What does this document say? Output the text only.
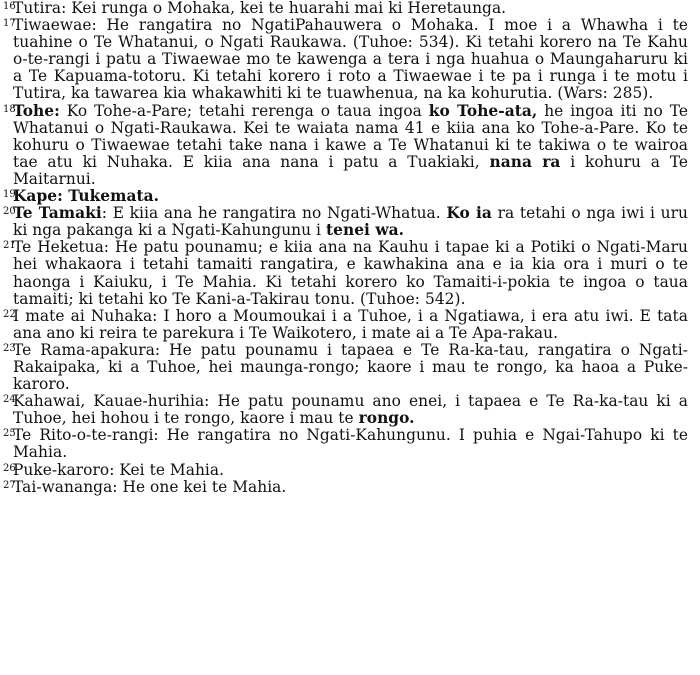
16
Tutira: Kei runga o Mohaka, kei te huarahi mai ki Heretaunga.
17
Tiwaewae: He rangatira no NgatiPahauwera o Mohaka. I moe i a Whawha i te tuahine o Te Whatanui, o Ngati Raukawa. (Tuhoe: 534). Ki tetahi korero na Te Kahu o-te-rangi i patu a Tiwaewae mo te kawenga a tera i nga huahua o Maungaharuru ki a Te Kapuama-totoru. Ki tetahi korero i roto a Tiwaewae i te pa i runga i te motu i Tutira, ka tawarea kia whakawhiti ki te tuawhenua, na ka kohurutia. (Wars: 285).
18
Tohe: Ko Tohe-a-Pare; tetahi rerenga o taua ingoa ko Tohe-ata, he ingoa iti no Te Whatanui o Ngati-Raukawa. Kei te waiata nama 41 e kiia ana ko Tohe-a-Pare. Ko te kohuru o Tiwaewae tetahi take nana i kawe a Te Whatanui ki te takiwa o te wairoa tae atu ki Nuhaka. E kiia ana nana i patu a Tuakiaki, nana ra i kohuru a Te Maitarnui.
19
Kape: Tukemata.
20
Te Tamaki: E kiia ana he rangatira no Ngati-Whatua. Ko ia ra tetahi o nga iwi i uru ki nga pakanga ki a Ngati-Kahungunu i tenei wa.
21
Te Heketua: He patu pounamu; e kiia ana na Kauhu i tapae ki a Potiki o Ngati-Maru hei whakaora i tetahi tamaiti rangatira, e kawhakina ana e ia kia ora i muri o te haonga i Kaiuku, i Te Mahia. Ki tetahi korero ko Tamaiti-i-pokia te ingoa o taua tamaiti; ki tetahi ko Te Kani-a-Takirau tonu. (Tuhoe: 542).
22
I mate ai Nuhaka: I horo a Moumoukai i a Tuhoe, i a Ngatiawa, i era atu iwi. E tata ana ano ki reira te parekura i Te Waikotero, i mate ai a Te Apa-rakau.
23
Te Rama-apakura: He patu pounamu i tapaea e Te Ra-ka-tau, rangatira o Ngati-Rakaipaka, ki a Tuhoe, hei maunga-rongo; kaore i mau te rongo, ka haoa a Puke-karoro.
24
Kahawai, Kauae-hurihia: He patu pounamu ano enei, i tapaea e Te Ra-ka-tau ki a Tuhoe, hei hohou i te rongo, kaore i mau te rongo.
25
Te Rito-o-te-rangi: He rangatira no Ngati-Kahungunu. I puhia e Ngai-Tahupo ki te Mahia.
26
Puke-karoro: Kei te Mahia.
27
Tai-wananga: He one kei te Mahia.
